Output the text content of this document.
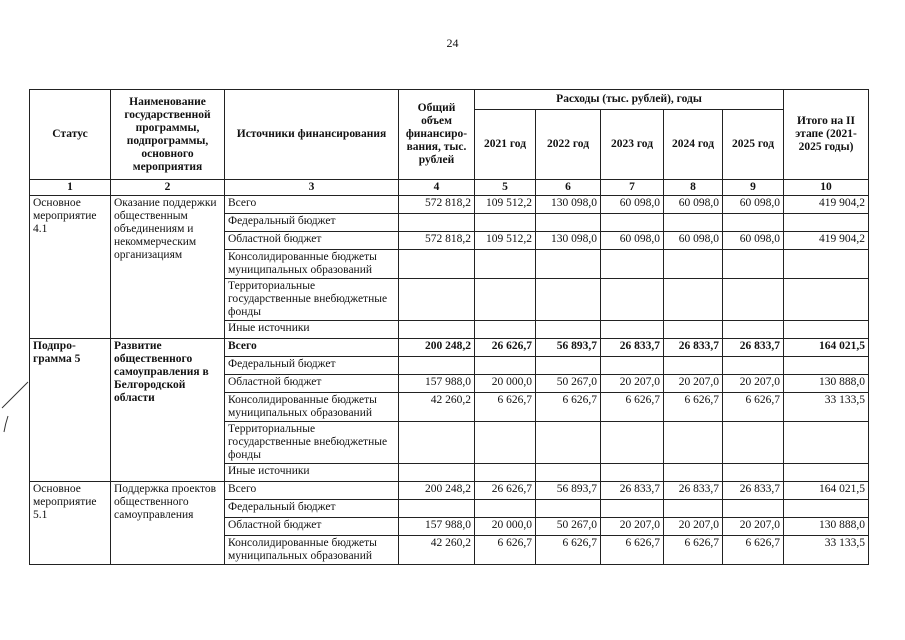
24
Статус	Наименование государственной программы, подпрограммы, основного мероприятия	Источники финансирования	Общий объем финансиро-вания, тыс. рублей	Расходы (тыс. рублей), годы					Итого на II этапе (2021-2025 годы)
				2021 год	2022 год	2023 год	2024 год	2025 год	
1	2	3	4	5	6	7	8	9	10
Основное мероприятие 4.1	Оказание поддержки общественным объединениям и некоммерческим организациям	Всего	572 818,2	109 512,2	130 098,0	60 098,0	60 098,0	60 098,0	419 904,2
		Федеральный бюджет							
		Областной бюджет	572 818,2	109 512,2	130 098,0	60 098,0	60 098,0	60 098,0	419 904,2
		Консолидированные бюджеты муниципальных образований							
		Территориальные государственные внебюджетные фонды							
		Иные источники							
Подпро-грамма 5	Развитие общественного самоуправления в Белгородской области	Всего	200 248,2	26 626,7	56 893,7	26 833,7	26 833,7	26 833,7	164 021,5
		Федеральный бюджет							
		Областной бюджет	157 988,0	20 000,0	50 267,0	20 207,0	20 207,0	20 207,0	130 888,0
		Консолидированные бюджеты муниципальных образований	42 260,2	6 626,7	6 626,7	6 626,7	6 626,7	6 626,7	33 133,5
		Территориальные государственные внебюджетные фонды							
		Иные источники							
Основное мероприятие 5.1	Поддержка проектов общественного самоуправления	Всего	200 248,2	26 626,7	56 893,7	26 833,7	26 833,7	26 833,7	164 021,5
		Федеральный бюджет							
		Областной бюджет	157 988,0	20 000,0	50 267,0	20 207,0	20 207,0	20 207,0	130 888,0
		Консолидированные бюджеты муниципальных образований	42 260,2	6 626,7	6 626,7	6 626,7	6 626,7	6 626,7	33 133,5
